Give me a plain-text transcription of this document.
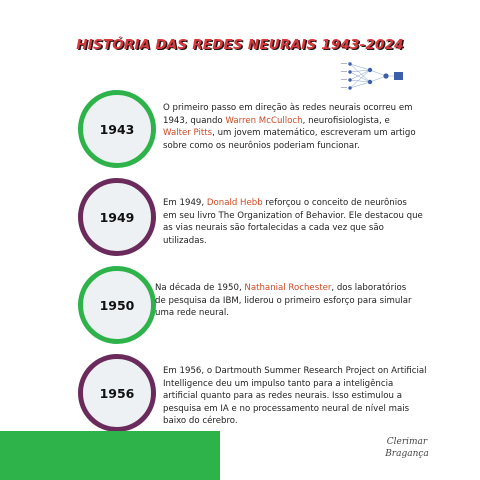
HISTÓRIA DAS REDES NEURAIS 1943-2024
1943
O primeiro passo em direção às redes neurais ocorreu em 1943, quando Warren McCulloch, neurofisiologista, e Walter Pitts, um jovem matemático, escreveram um artigo sobre como os neurônios poderiam funcionar.
1949
Em 1949, Donald Hebb reforçou o conceito de neurônios em seu livro The Organization of Behavior. Ele destacou que as vias neurais são fortalecidas a cada vez que são utilizadas.
1950
Na década de 1950, Nathanial Rochester, dos laboratórios de pesquisa da IBM, liderou o primeiro esforço para simular uma rede neural.
1956
Em 1956, o Dartmouth Summer Research Project on Artificial Intelligence deu um impulso tanto para a inteligência artificial quanto para as redes neurais. Isso estimulou a pesquisa em IA e no processamento neural de nível mais baixo do cérebro.
Clerimar
Bragança
